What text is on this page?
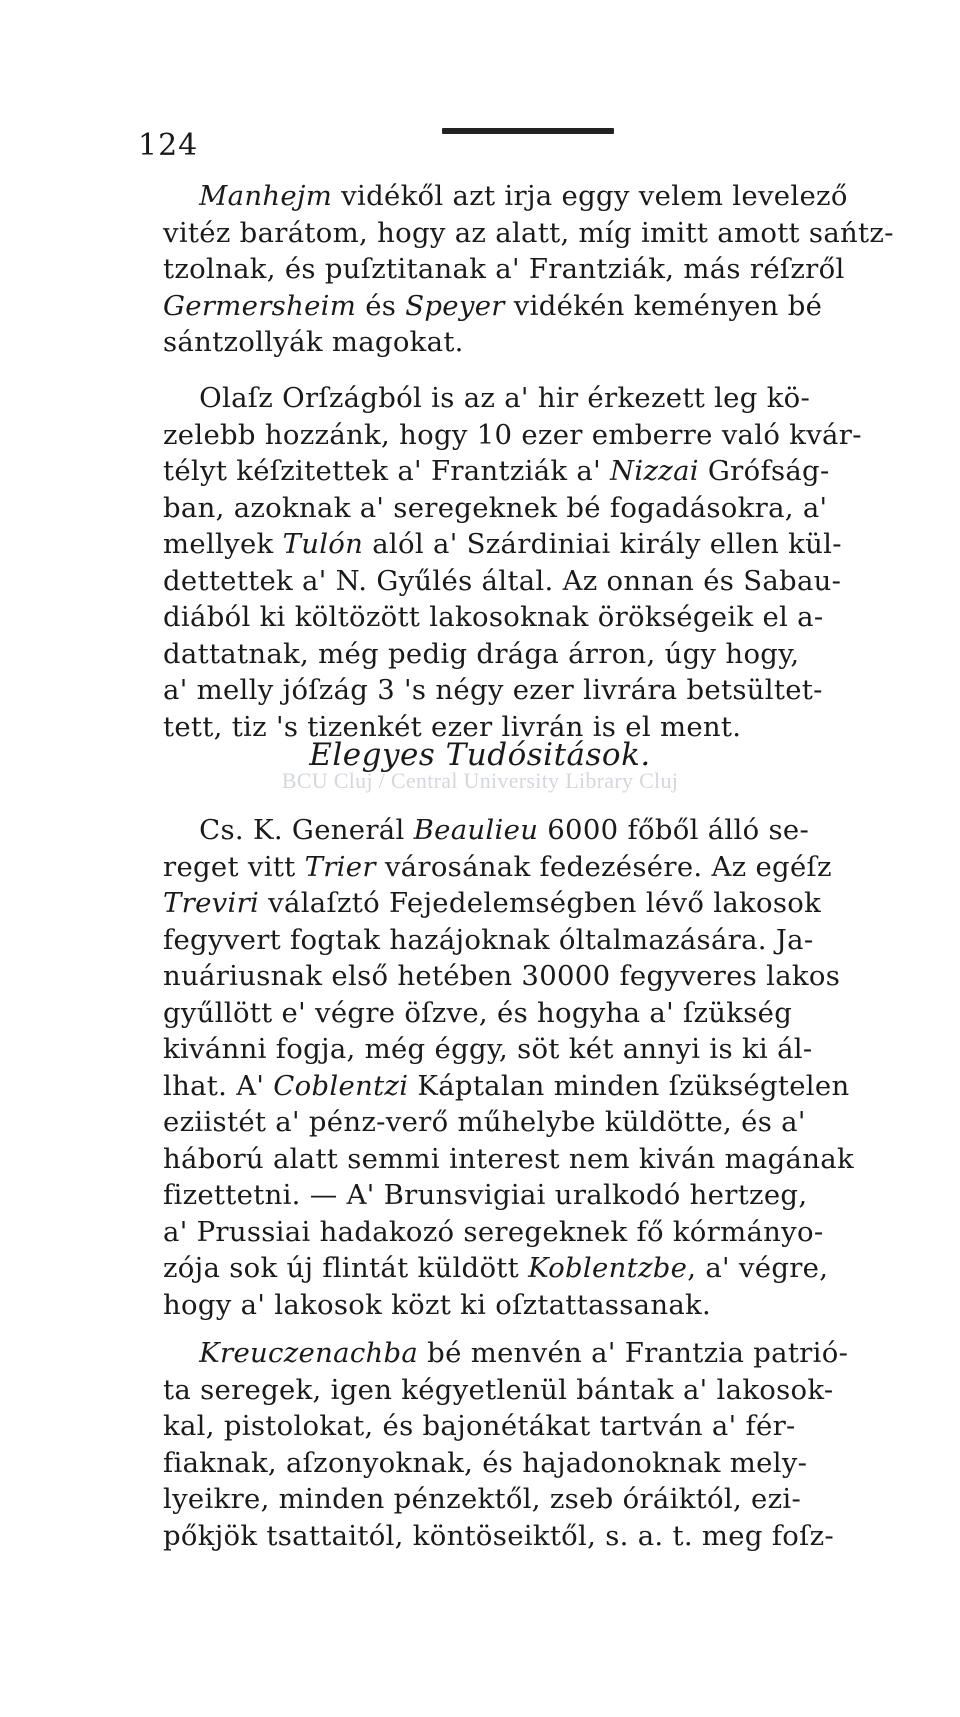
124
Manhejm vidékől azt irja eggy velem levelező
vitéz barátom, hogy az alatt, míg imitt amott sańtz-
tzolnak, és puſztitanak a' Frantziák, más réſzről
Germersheim és Speyer vidékén keményen bé
sántzollyák magokat.
Olaſz Orſzágból is az a' hir érkezett leg kö-
zelebb hozzánk, hogy 10 ezer emberre való kvár-
télyt kéſzitettek a' Frantziák a' Nizzai Grófság-
ban, azoknak a' seregeknek bé fogadásokra, a'
mellyek Tulón alól a' Szárdiniai király ellen kül-
dettettek a' N. Gyűlés által. Az onnan és Sabau-
diából ki költözött lakosoknak örökségeik el a-
dattatnak, még pedig drága árron, úgy hogy,
a' melly jóſzág 3 's négy ezer livrára betsültet-
tett, tiz 's tizenkét ezer livrán is el ment.
Elegyes Tudósitások.
BCU Cluj / Central University Library Cluj
Cs. K. Generál Beaulieu 6000 főből álló se-
reget vitt Trier városának fedezésére. Az egéſz
Treviri válaſztó Fejedelemségben lévő lakosok
fegyvert fogtak hazájoknak óltalmazására. Ja-
nuáriusnak első hetében 30000 fegyveres lakos
gyűllött e' végre öſzve, és hogyha a' ſzükség
kivánni fogja, még éggy, söt két annyi is ki ál-
lhat. A' Coblentzi Káptalan minden ſzükségtelen
eziistét a' pénz-verő műhelybe küldötte, és a'
háború alatt semmi interest nem kiván magának
fizettetni. — A' Brunsvigiai uralkodó hertzeg,
a' Prussiai hadakozó seregeknek fő kórmányo-
zója sok új flintát küldött Koblentzbe, a' végre,
hogy a' lakosok közt ki oſztattassanak.
Kreuczenachba bé menvén a' Frantzia patrió-
ta seregek, igen kégyetlenül bántak a' lakosok-
kal, pistolokat, és bajonétákat tartván a' fér-
fiaknak, aſzonyoknak, és hajadonoknak mely-
lyeikre, minden pénzektől, zseb óráiktól, ezi-
pőkjök tsattaitól, köntöseiktől, s. a. t. meg foſz-
